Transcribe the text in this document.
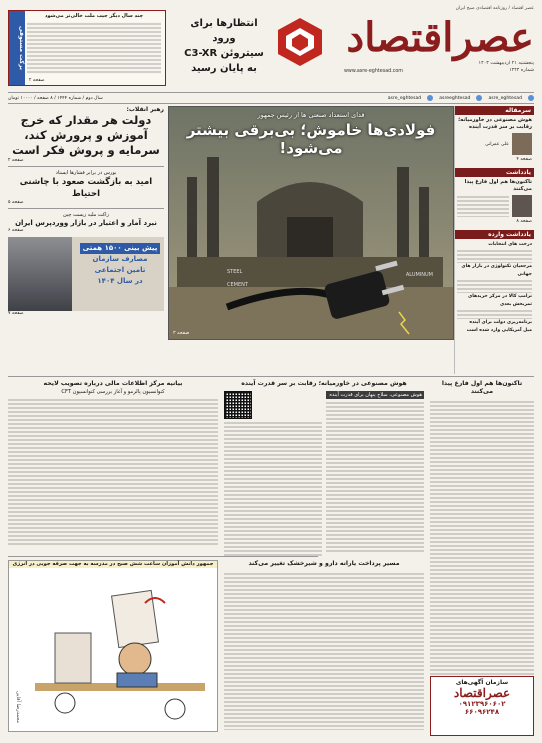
عصر اقتصاد / روزنامه اقتصادی صبح ایران
عصراقتصاد
پنجشنبه ۲۱ اردیبهشت ۱۴۰۳
شماره ۱۴۴۴
www.asre-eghtesad.com
انتظارها برای ورود
سیتروئن C3-XR
به پایان رسید
برکت مستوفی
چند سال دیگر جیب ملت خالی‌تر می‌شود
صفحه ۲
asre_eghtesad
asreeghtesad
asre_eghtesad
سال دوم / شماره ۱۴۴۴ / ۸ صفحه / ۱۰۰۰۰ تومان
سرمقاله
هوش مصنوعی در خاورمیانه؛ رقابت بر سر قدرت آینده
علی عمرانی
صفحه ۴
یادداشت
تاکنون‌ها هم اول فارغ پیدا می‌کنند
صفحه ۸
یادداشت وارده
درخت های انتخابات
مرجعیان تکنولوژی در بازار های جهانی
ترامپ کالا در مرکز خریدهای ثمربخش بعدی
برنامه‌ریزی دولت برای آینده
میل آمریکایی وارد شده است
قدای استعداد صنعتی ها از رئیس جمهور
فولادی‌ها خاموش؛ بی‌برقی بیشتر می‌شود!
STEEL
CEMENT
ALUMINUM
صفحه ۳
رهبر انقلاب:
دولت هر مقدار که خرج آموزش و پرورش کند، سرمایه و پروش فکر است
صفحه ۲
بورس در برابر فشارها ایستاد
امید به بازگشت صعود با چاشنی احتیاط
صفحه ۵
زاکت ملیه زیست چین
نبرد آمار و اعتبار در بازار ووردپرس ایران
صفحه ۶
پیش بینی ۱۵۰۰ همتی
مصارف سازمان
تامین اجتماعی
در سال ۱۴۰۴
صفحه ۷
تاکنون‌ها هم اول فارغ پیدا می‌کنند
هوش مصنوعی در خاورمیانه؛ رقابت بر سر قدرت آینده
هوش مصنوعی، سلاح پنهان برای قدرت آینده
بیانیه مرکز اطلاعات مالی درباره تصویب لایحه
کنوانسیون پالرمو و آغاز بررسی کنوانسیون CFT
جمهور دانش آموزان ساعت شش صبح در مدرسه به جهت صرفه جویی در انرژی
محمدرضا آقایی
مسیر پرداخت یارانه دارو و شیرخشک تغییر می‌کند
سازمان آگهی‌های
عصراقتصاد
۰۹۱۲۳۹۶۰۶۰۲
۶۶۰۹۶۲۴۸
